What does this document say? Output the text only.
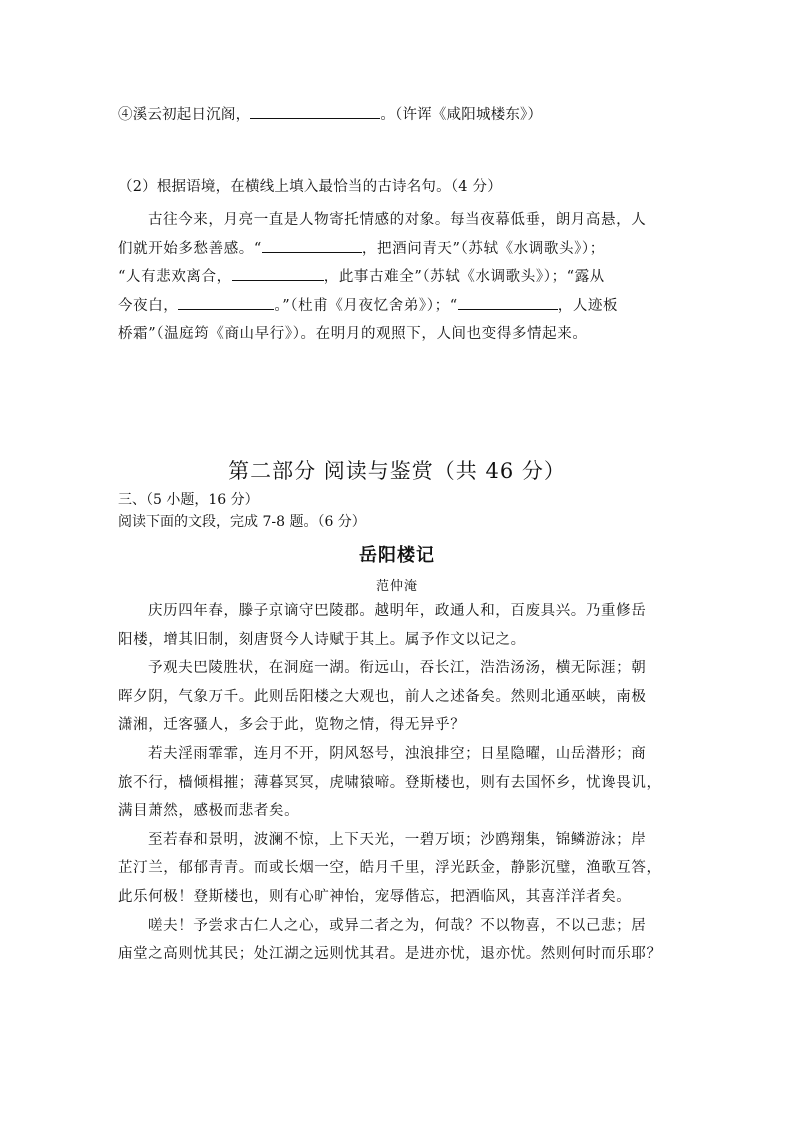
④溪云初起日沉阁，	。（许诨《咸阳城楼东》）
（2）根据语境，在横线上填入最恰当的古诗名句。（4 分）
古往今来，月亮一直是人物寄托情感的对象。每当夜幕低垂，朗月高悬，人
们就开始多愁善感。“	，把酒问青天”（苏轼《水调歌头》）；
“人有悲欢离合，	，此事古难全”（苏轼《水调歌头》）；“露从
今夜白，	。”（杜甫《月夜忆舍弟》）；“	，人迹板
桥霜”（温庭筠《商山早行》）。在明月的观照下，人间也变得多情起来。
第二部分 阅读与鉴赏（共 46 分）
三、（5 小题，16 分）
阅读下面的文段，完成 7-8 题。（6 分）
岳阳楼记
范仲淹
庆历四年春，滕子京谪守巴陵郡。越明年，政通人和，百废具兴。乃重修岳
阳楼，增其旧制，刻唐贤今人诗赋于其上。属予作文以记之。
予观夫巴陵胜状，在洞庭一湖。衔远山，吞长江，浩浩汤汤，横无际涯；朝
晖夕阴，气象万千。此则岳阳楼之大观也，前人之述备矣。然则北通巫峡，南极
潇湘，迁客骚人，多会于此，览物之情，得无异乎？
若夫淫雨霏霏，连月不开，阴风怒号，浊浪排空；日星隐曜，山岳潜形；商
旅不行，樯倾楫摧；薄暮冥冥，虎啸猿啼。登斯楼也，则有去国怀乡，忧谗畏讥，
满目萧然，感极而悲者矣。
至若春和景明，波澜不惊，上下天光，一碧万顷；沙鸥翔集，锦鳞游泳；岸
芷汀兰，郁郁青青。而或长烟一空，皓月千里，浮光跃金，静影沉璧，渔歌互答，
此乐何极！登斯楼也，则有心旷神怡，宠辱偕忘，把酒临风，其喜洋洋者矣。
嗟夫！予尝求古仁人之心，或异二者之为，何哉？不以物喜，不以己悲；居
庙堂之高则忧其民；处江湖之远则忧其君。是进亦忧，退亦忧。然则何时而乐耶？
